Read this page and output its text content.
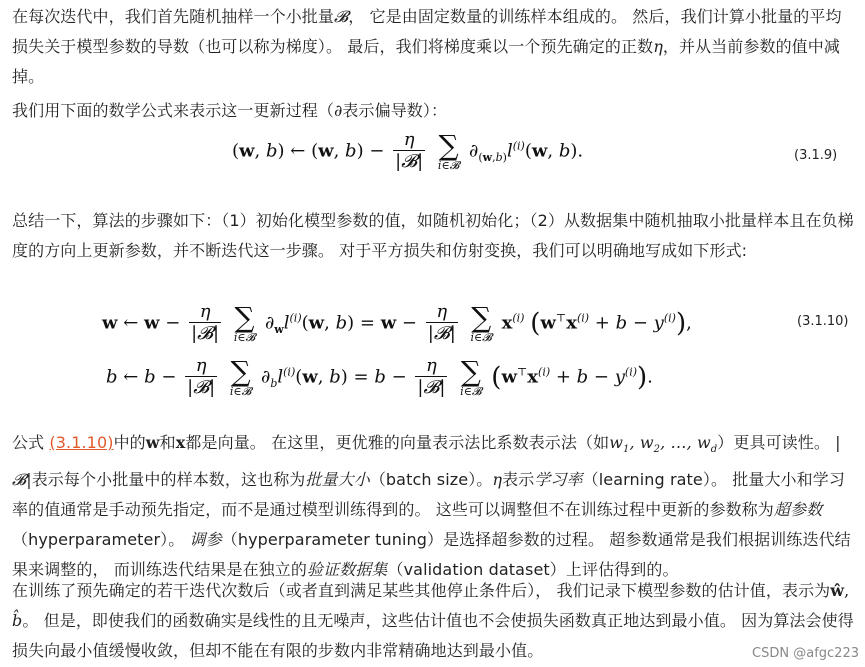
在每次迭代中，我们首先随机抽样一个小批量𝓑， 它是由固定数量的训练样本组成的。 然后，我们计算小批量的平均损失关于模型参数的导数（也可以称为梯度）。 最后，我们将梯度乘以一个预先确定的正数η，并从当前参数的值中减掉。

我们用下面的数学公式来表示这一更新过程（∂表示偏导数）：

(w, b) ← (w, $b) - \frac{\eta}{\text{|𝓑|}}$
∑
i∈𝓑
$\partial_{(w,b)}l^{(i)}(w$, b).	(3.1.9)

总结一下，算法的步骤如下：（1）初始化模型参数的值，如随机初始化；（2）从数据集中随机抽取小批量样本且在负梯度的方向上更新参数，并不断迭代这一步骤。 对于平方损失和仿射变换，我们可以明确地写成如下形式:

w ← $w - \frac{\eta}{\text{|𝓑|}}$
∑
i∈𝓑
$\partial_wl^{(i)}(w$, $b) = w - \frac{\eta}{\text{|𝓑|}}$
∑
i∈𝓑
$x^{(i)}$ $(w^⊤x^{(i)} + b - y^{(i)})$,	(3.1.10)
b ← $b - \frac{\eta}{\text{|𝓑|}}$
∑
i∈𝓑
$\partial_bl^{(i)}(w$, $b) = b - \frac{\eta}{\text{|𝓑|}}$
∑
i∈𝓑 $(w^⊤x^{(i)} + b - y^{(i)})$.

公式 (3.1.10)中的w和x都是向量。 在这里，更优雅的向量表示法比系数表示法（如$w_1$, $w_2$, …, $w_d$）更具可读性。 |𝓑|表示每个小批量中的样本数，这也称为批量大小（batch size）。η表示学习率（learning rate）。 批量大小和学习率的值通常是手动预先指定，而不是通过模型训练得到的。 这些可以调整但不在训练过程中更新的参数称为超参数（hyperparameter）。 调参（hyperparameter tuning）是选择超参数的过程。 超参数通常是我们根据训练迭代结果来调整的， 而训练迭代结果是在独立的验证数据集（validation dataset）上评估得到的。

在训练了预先确定的若干迭代次数后（或者直到满足某些其他停止条件后）， 我们记录下模型参数的估计值，表示为ŵ, b̂。 但是，即使我们的函数确实是线性的且无噪声，这些估计值也不会使损失函数真正地达到最小值。 因为算法会使得损失向最小值缓慢收敛，但却不能在有限的步数内非常精确地达到最小值。	CSDN @afgc223
